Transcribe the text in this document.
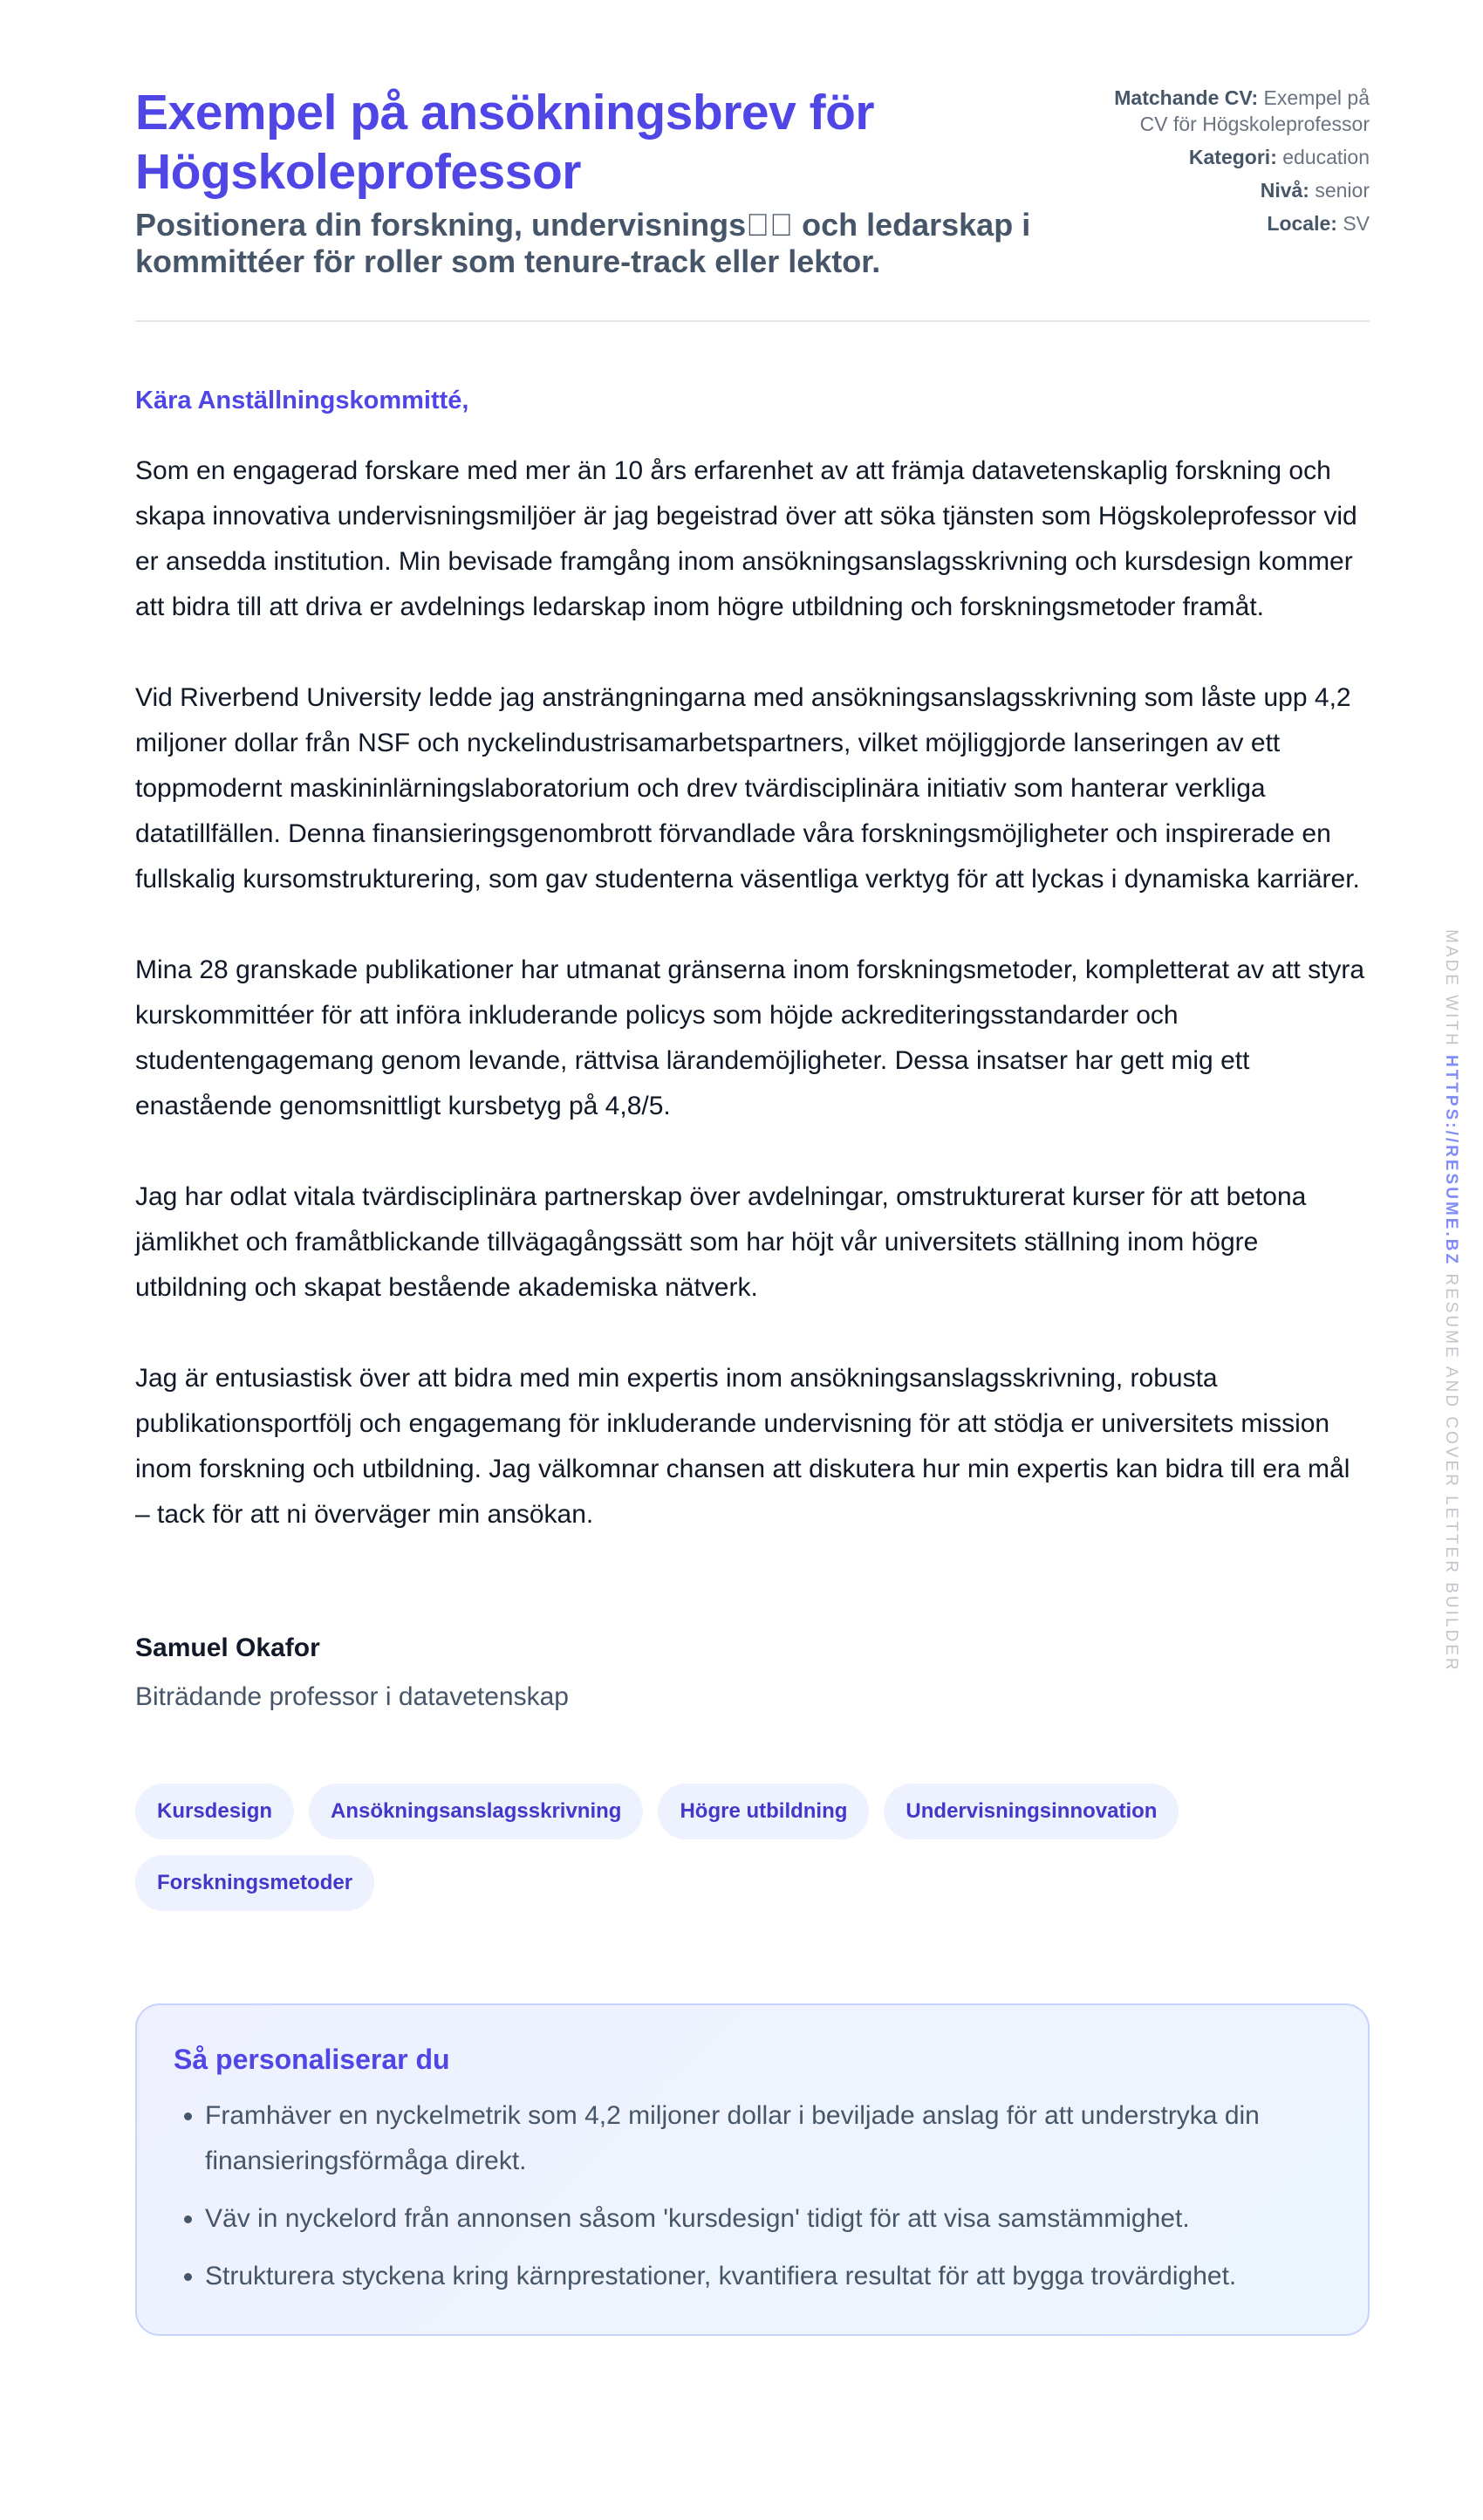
Exempel på ansökningsbrev för Högskoleprofessor

Positionera din forskning, undervisnings   och ledarskap i kommittéer för roller som tenure-track eller lektor.

Matchande CV: Exempel på CV för Högskoleprofessor
Kategori: education
Nivå: senior
Locale: SV

Kära Anställningskommitté,

Som en engagerad forskare med mer än 10 års erfarenhet av att främja datavetenskaplig forskning och skapa innovativa undervisningsmiljöer är jag begeistrad över att söka tjänsten som Högskoleprofessor vid er ansedda institution. Min bevisade framgång inom ansökningsanslagsskrivning och kursdesign kommer att bidra till att driva er avdelnings ledarskap inom högre utbildning och forskningsmetoder framåt.

Vid Riverbend University ledde jag ansträngningarna med ansökningsanslagsskrivning som låste upp 4,2 miljoner dollar från NSF och nyckelindustrisamarbetspartners, vilket möjliggjorde lanseringen av ett toppmodernt maskininlärningslaboratorium och drev tvärdisciplinära initiativ som hanterar verkliga datatillfällen. Denna finansieringsgenombrott förvandlade våra forskningsmöjligheter och inspirerade en fullskalig kursomstrukturering, som gav studenterna väsentliga verktyg för att lyckas i dynamiska karriärer.

Mina 28 granskade publikationer har utmanat gränserna inom forskningsmetoder, kompletterat av att styra kurskommittéer för att införa inkluderande policys som höjde ackrediteringsstandarder och studentengagemang genom levande, rättvisa lärandemöjligheter. Dessa insatser har gett mig ett enastående genomsnittligt kursbetyg på 4,8/5.

Jag har odlat vitala tvärdisciplinära partnerskap över avdelningar, omstrukturerat kurser för att betona jämlikhet och framåtblickande tillvägagångssätt som har höjt vår universitets ställning inom högre utbildning och skapat bestående akademiska nätverk.

Jag är entusiastisk över att bidra med min expertis inom ansökningsanslagsskrivning, robusta publikationsportfölj och engagemang för inkluderande undervisning för att stödja er universitets mission inom forskning och utbildning. Jag välkomnar chansen att diskutera hur min expertis kan bidra till era mål – tack för att ni överväger min ansökan.

Samuel Okafor

Biträdande professor i datavetenskap

Kursdesign	Ansökningsanslagsskrivning	Högre utbildning	Undervisningsinnovation
Forskningsmetoder
Så personaliserar du
• Framhäver en nyckelmetrik som 4,2 miljoner dollar i beviljade anslag för att understryka din finansieringsförmåga direkt.
• Väv in nyckelord från annonsen såsom 'kursdesign' tidigt för att visa samstämmighet.
• Strukturera styckena kring kärnprestationer, kvantifiera resultat för att bygga trovärdighet.
MADE WITH HTTPS://RESUME.BZ RESUME AND COVER LETTER BUILDER
